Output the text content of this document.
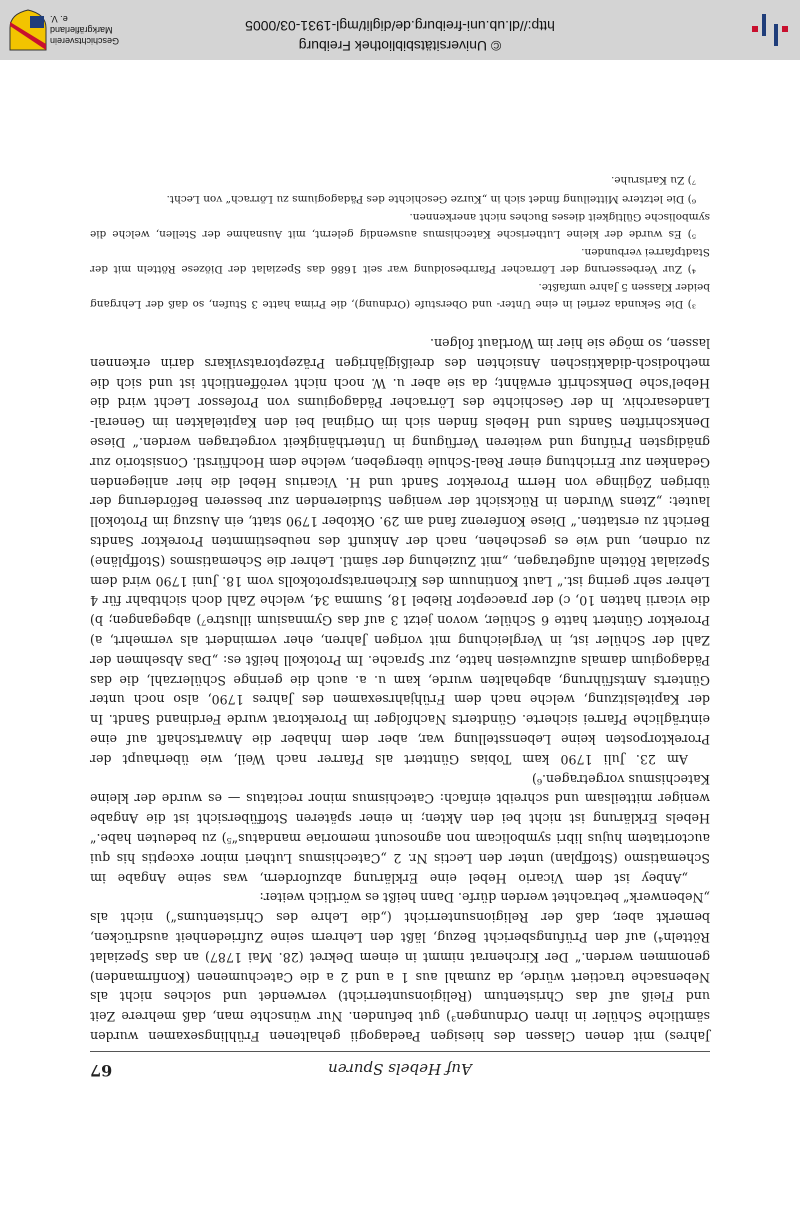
Auf Hebels Spuren
67

Jahres) mit denen Classen des hiesigen Paedagogii gehaltenen Frühlingsexamen wurden sämtliche Schüler in ihren Ordnungen³) gut befunden. Nur wünschte man, daß mehrere Zeit und Fleiß auf das Christentum (Religionsunterricht) verwendet und solches nicht als Nebensache tractiert würde, da zumahl aus 1 a und 2 a die Catechumenen (Konfirmanden) genommen werden.“ Der Kirchenrat nimmt in einem Dekret (28. Mai 1787) an das Spezialat Rötteln⁴) auf den Prüfungsbericht Bezug, läßt den Lehrern seine Zufriedenheit ausdrücken, bemerkt aber, daß der Religionsunterricht („die Lehre des Christentums“) nicht als „Nebenwerk“ betrachtet werden dürfe. Dann heißt es wörtlich weiter:

„Anbey ist dem Vicario Hebel eine Erklärung abzufordern, was seine Angabe im Schematismo (Stoffplan) unter den Lectis Nr. 2 „Catechismus Lutheri minor exceptis his qui auctoritatem hujus libri symbolicam non agnoscunt memoriae mandatus“⁵) zu bedeuten habe.“ Hebels Erklärung ist nicht bei den Akten; in einer späteren Stoffübersicht ist die Angabe weniger mitteilsam und schreibt einfach: Catechismus minor recitatus — es wurde der kleine Katechismus vorgetragen.⁶)

Am 23. Juli 1790 kam Tobias Günttert als Pfarrer nach Weil, wie überhaupt der Prorektorposten keine Lebensstellung war, aber dem Inhaber die Anwartschaft auf eine einträgliche Pfarrei sicherte. Gündterts Nachfolger im Prorektorat wurde Ferdinand Sandt. In der Kapitelsitzung, welche nach dem Frühjahrsexamen des Jahres 1790, also noch unter Günterts Amtsführung, abgehalten wurde, kam u. a. auch die geringe Schülerzahl, die das Pädagogium damals aufzuweisen hatte, zur Sprache. Im Protokoll heißt es: „Das Absehmen der Zahl der Schüler ist, in Vergleichung mit vorigen Jahren, eher vermindert als vermehrt, a) Prorektor Güntert hatte 6 Schüler, wovon jetzt 3 auf das Gymnasium illustre⁷) abgegangen; b) die vicarii hatten 10, c) der praeceptor Riebel 18, Summa 34, welche Zahl doch sichtbahr für 4 Lehrer sehr gering ist.“ Laut Kontinuum des Kirchenratsprotokolls vom 18. Juni 1790 wird dem Spezialat Rötteln aufgetragen, „mit Zuziehung der sämtl. Lehrer die Schematismos (Stoffpläne) zu ordnen, und wie es geschehen, nach der Ankunft des neubestimmten Prorektor Sandts Bericht zu erstatten.“ Diese Konferenz fand am 29. Oktober 1790 statt, ein Auszug im Protokoll lautet: „Ztens Wurden in Rücksicht der wenigen Studierenden zur besseren Beförderung der übrigen Zöglinge von Herrn Prorektor Sandt und H. Vicarius Hebel die hier anliegenden Gedanken zur Errichtung einer Real-Schule übergeben, welche dem Hochfürstl. Consistorio zur gnädigsten Prüfung und weiteren Verfügung in Unterthänigkeit vorgetragen werden.“ Diese Denkschriften Sandts und Hebels finden sich im Original bei den Kapitelakten im General-Landesarchiv. In der Geschichte des Lörracher Pädagogiums von Professor Lecht wird die Hebel'sche Denkschrift erwähnt; da sie aber u. W. noch nicht veröffentlicht ist und sich die methodisch-didaktischen Ansichten des dreißigjährigen Präzeptoratsvikars darin erkennen lassen, so möge sie hier im Wortlaut folgen.

³) Die Sekunda zerfiel in eine Unter- und Oberstufe (Ordnung), die Prima hatte 3 Stufen, so daß der Lehrgang beider Klassen 5 Jahre umfaßte.

⁴) Zur Verbesserung der Lörracher Pfarrbesoldung war seit 1686 das Spezialat der Diözese Rötteln mit der Stadtpfarrei verbunden.

⁵) Es wurde der kleine Lutherische Katechismus auswendig gelernt, mit Ausnahme der Stellen, welche die symbolische Gültigkeit dieses Buches nicht anerkennen.

⁶) Die letztere Mitteilung findet sich in „Kurze Geschichte des Pädagogiums zu Lörrach“ von Lecht.

⁷) Zu Karlsruhe.

© Universitätsbibliothek Freiburg
http://dl.ub.uni-freiburg.de/diglit/mgl-1931-03/0005
Geschichtsverein Markgräflerland e. V.
